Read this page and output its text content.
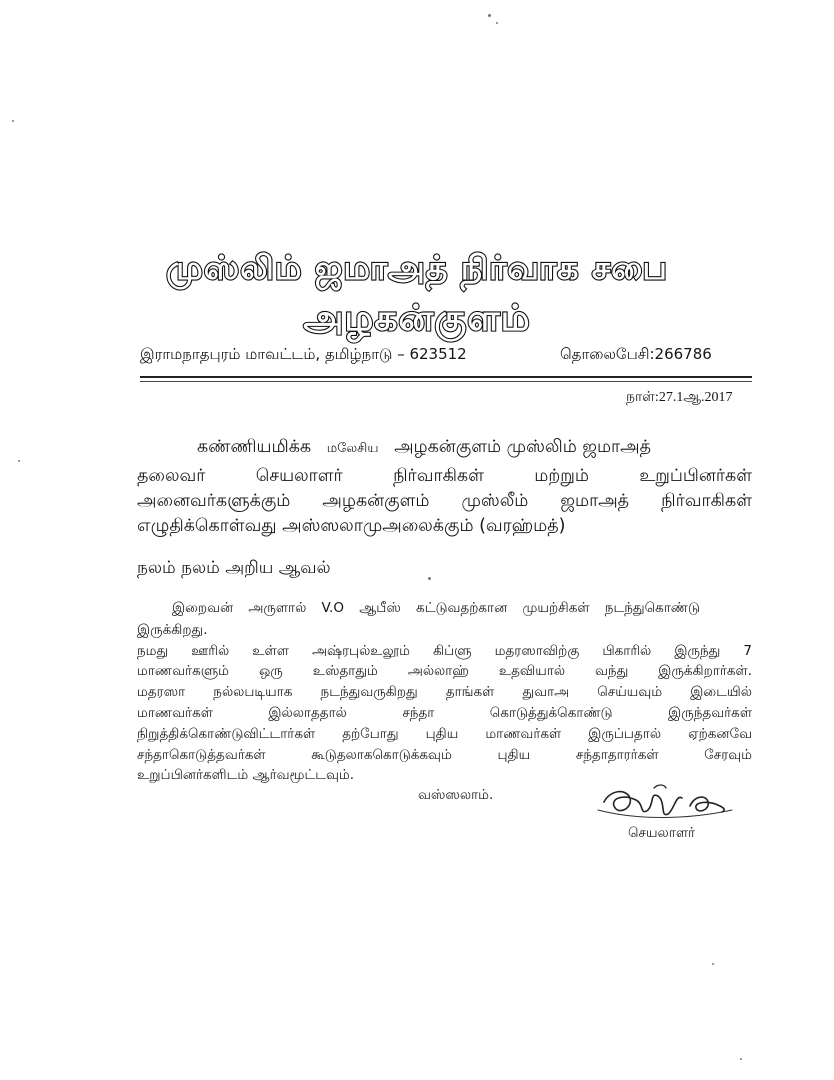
முஸ்லிம் ஜமாஅத் நிர்வாக சபை
அழகன்குளம்
இராமநாதபுரம் மாவட்டம், தமிழ்நாடு – 623512	தொலைபேசி:266786
நாள்:27.1ஆ.2017
கண்ணியமிக்க மலேசிய அழகன்குளம் முஸ்லிம் ஜமாஅத்
தலைவர் செயலாளர் நிர்வாகிகள் மற்றும் உறுப்பினர்கள்
அனைவர்களுக்கும் அழகன்குளம் முஸ்லீம் ஜமாஅத் நிர்வாகிகள்
எழுதிக்கொள்வது அஸ்ஸலாமுஅலைக்கும் (வரஹ்மத்)
நலம் நலம் அறிய ஆவல்
இறைவன் அருளால் V.O ஆபீஸ் கட்டுவதற்கான முயற்சிகள் நடந்துகொண்டு
இருக்கிறது.
நமது ஊரில் உள்ள அஷ்ரபுல்உலூம் கிப்ளு மதரஸாவிற்கு பிகாரில் இருந்து 7
மாணவர்களும் ஒரு உஸ்தாதும் அல்லாஹ் உதவியால் வந்து இருக்கிறார்கள்.
மதரஸா நல்லபடியாக நடந்துவருகிறது தாங்கள் துவாஅ செய்யவும் இடையில்
மாணவர்கள் இல்லாததால் சந்தா கொடுத்துக்கொண்டு இருந்தவர்கள்
நிறுத்திக்கொண்டுவிட்டார்கள் தற்போது புதிய மாணவர்கள் இருப்பதால் ஏற்கனவே
சந்தாகொடுத்தவர்கள் கூடுதலாககொடுக்கவும் புதிய சந்தாதாரர்கள் சேரவும்
உறுப்பினர்களிடம் ஆர்வமூட்டவும்.
வஸ்ஸலாம்.
செயலாளர்
